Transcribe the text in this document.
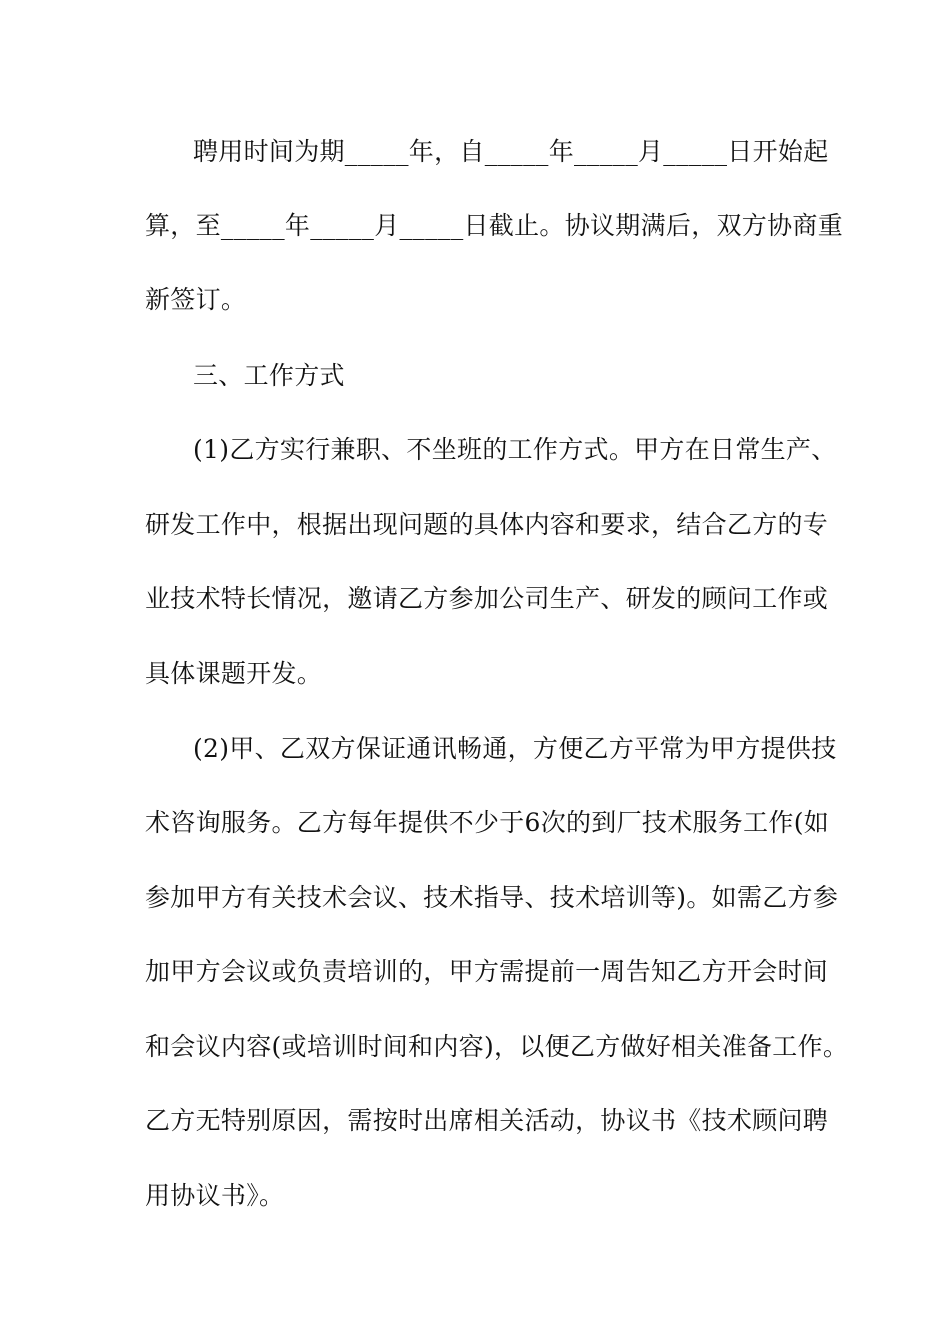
聘用时间为期_____年，自_____年_____月_____日开始起
算，至_____年_____月_____日截止。协议期满后，双方协商重
新签订。
三、工作方式
(1)乙方实行兼职、不坐班的工作方式。甲方在日常生产、
研发工作中，根据出现问题的具体内容和要求，结合乙方的专
业技术特长情况，邀请乙方参加公司生产、研发的顾问工作或
具体课题开发。
(2)甲、乙双方保证通讯畅通，方便乙方平常为甲方提供技
术咨询服务。乙方每年提供不少于6次的到厂技术服务工作(如
参加甲方有关技术会议、技术指导、技术培训等)。如需乙方参
加甲方会议或负责培训的，甲方需提前一周告知乙方开会时间
和会议内容(或培训时间和内容)，以便乙方做好相关准备工作。
乙方无特别原因，需按时出席相关活动，协议书《技术顾问聘
用协议书》。
